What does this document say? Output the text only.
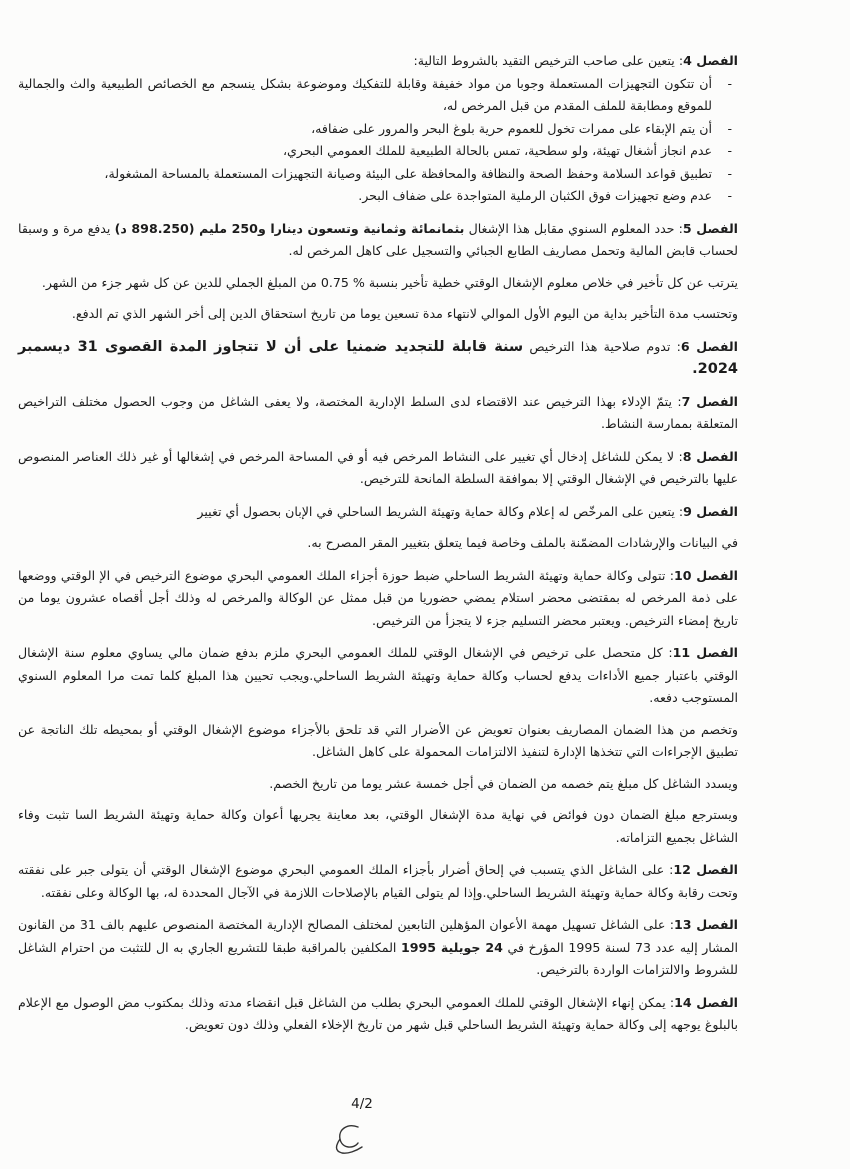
الفصل 4: يتعين على صاحب الترخيص التقيد بالشروط التالية:

- أن تتكون التجهيزات المستعملة وجوبا من مواد خفيفة وقابلة للتفكيك وموضوعة بشكل ينسجم مع الخصائص الطبيعية والث والجمالية للموقع ومطابقة للملف المقدم من قبل المرخص له،
- أن يتم الإبقاء على ممرات تخول للعموم حرية بلوغ البحر والمرور على ضفافه،
- عدم انجاز أشغال تهيئة، ولو سطحية، تمس بالحالة الطبيعية للملك العمومي البحري،
- تطبيق قواعد السلامة وحفظ الصحة والنظافة والمحافظة على البيئة وصيانة التجهيزات المستعملة بالمساحة المشغولة،
- عدم وضع تجهيزات فوق الكثبان الرملية المتواجدة على ضفاف البحر.

الفصل 5: حدد المعلوم السنوي مقابل هذا الإشغال بثمانمائة وثمانية وتسعون دينارا و250 مليم (898.250 د) يدفع مرة و وسبقا لحساب قابض المالية وتحمل مصاريف الطابع الجبائي والتسجيل على كاهل المرخص له.

يترتب عن كل تأخير في خلاص معلوم الإشغال الوقتي خطية تأخير بنسبة % 0.75 من المبلغ الجملي للدين عن كل شهر جزء من الشهر.

وتحتسب مدة التأخير بداية من اليوم الأول الموالي لانتهاء مدة تسعين يوما من تاريخ استحقاق الدين إلى أخر الشهر الذي تم الدفع.

الفصل 6: تدوم صلاحية هذا الترخيص سنة قابلة للتجديد ضمنيا على أن لا تتجاوز المدة القصوى 31 ديسمبر 2024.

الفصل 7: يتمّ الإدلاء بهذا الترخيص عند الاقتضاء لدى السلط الإدارية المختصة، ولا يعفى الشاغل من وجوب الحصول مختلف التراخيص المتعلقة بممارسة النشاط.

الفصل 8: لا يمكن للشاغل إدخال أي تغيير على النشاط المرخص فيه أو في المساحة المرخص في إشغالها أو غير ذلك العناصر المنصوص عليها بالترخيص في الإشغال الوقتي إلا بموافقة السلطة المانحة للترخيص.

الفصل 9: يتعين على المرخّص له إعلام وكالة حماية وتهيئة الشريط الساحلي في الإبان بحصول أي تغيير

في البيانات والإرشادات المضمّنة بالملف وخاصة فيما يتعلق بتغيير المقر المصرح به.

الفصل 10: تتولى وكالة حماية وتهيئة الشريط الساحلي ضبط حوزة أجزاء الملك العمومي البحري موضوع الترخيص في الإ الوقتي ووضعها على ذمة المرخص له بمقتضى محضر استلام يمضي حضوريا من قبل ممثل عن الوكالة والمرخص له وذلك أجل أقصاه عشرون يوما من تاريخ إمضاء الترخيص. ويعتبر محضر التسليم جزء لا يتجزأ من الترخيص.

الفصل 11: كل متحصل على ترخيص في الإشغال الوقتي للملك العمومي البحري ملزم بدفع ضمان مالي يساوي معلوم سنة الإشغال الوقتي باعتبار جميع الأداءات يدفع لحساب وكالة حماية وتهيئة الشريط الساحلي.ويجب تحيين هذا المبلغ كلما تمت مرا المعلوم السنوي المستوجب دفعه.

وتخصم من هذا الضمان المصاريف بعنوان تعويض عن الأضرار التي قد تلحق بالأجزاء موضوع الإشغال الوقتي أو بمحيطه تلك الناتجة عن تطبيق الإجراءات التي تتخذها الإدارة لتنفيذ الالتزامات المحمولة على كاهل الشاغل.

ويسدد الشاغل كل مبلغ يتم خصمه من الضمان في أجل خمسة عشر يوما من تاريخ الخصم.

ويسترجع مبلغ الضمان دون فوائض في نهاية مدة الإشغال الوقتي، بعد معاينة يجريها أعوان وكالة حماية وتهيئة الشريط السا تثبت وفاء الشاغل بجميع التزاماته.

الفصل 12: على الشاغل الذي يتسبب في إلحاق أضرار بأجزاء الملك العمومي البحري موضوع الإشغال الوقتي أن يتولى جبر على نفقته وتحت رقابة وكالة حماية وتهيئة الشريط الساحلي.وإذا لم يتولى القيام بالإصلاحات اللازمة في الآجال المحددة له، بها الوكالة وعلى نفقته.

الفصل 13: على الشاغل تسهيل مهمة الأعوان المؤهلين التابعين لمختلف المصالح الإدارية المختصة المنصوص عليهم بالف 31 من القانون المشار إليه عدد 73 لسنة 1995 المؤرخ في 24 جويلية 1995 المكلفين بالمراقبة طبقا للتشريع الجاري به ال للتثبت من احترام الشاغل للشروط والالتزامات الواردة بالترخيص.

الفصل 14: يمكن إنهاء الإشغال الوقتي للملك العمومي البحري بطلب من الشاغل قبل انقضاء مدته وذلك بمكتوب مض الوصول مع الإعلام بالبلوغ يوجهه إلى وكالة حماية وتهيئة الشريط الساحلي قبل شهر من تاريخ الإخلاء الفعلي وذلك دون تعويض.

4/2
